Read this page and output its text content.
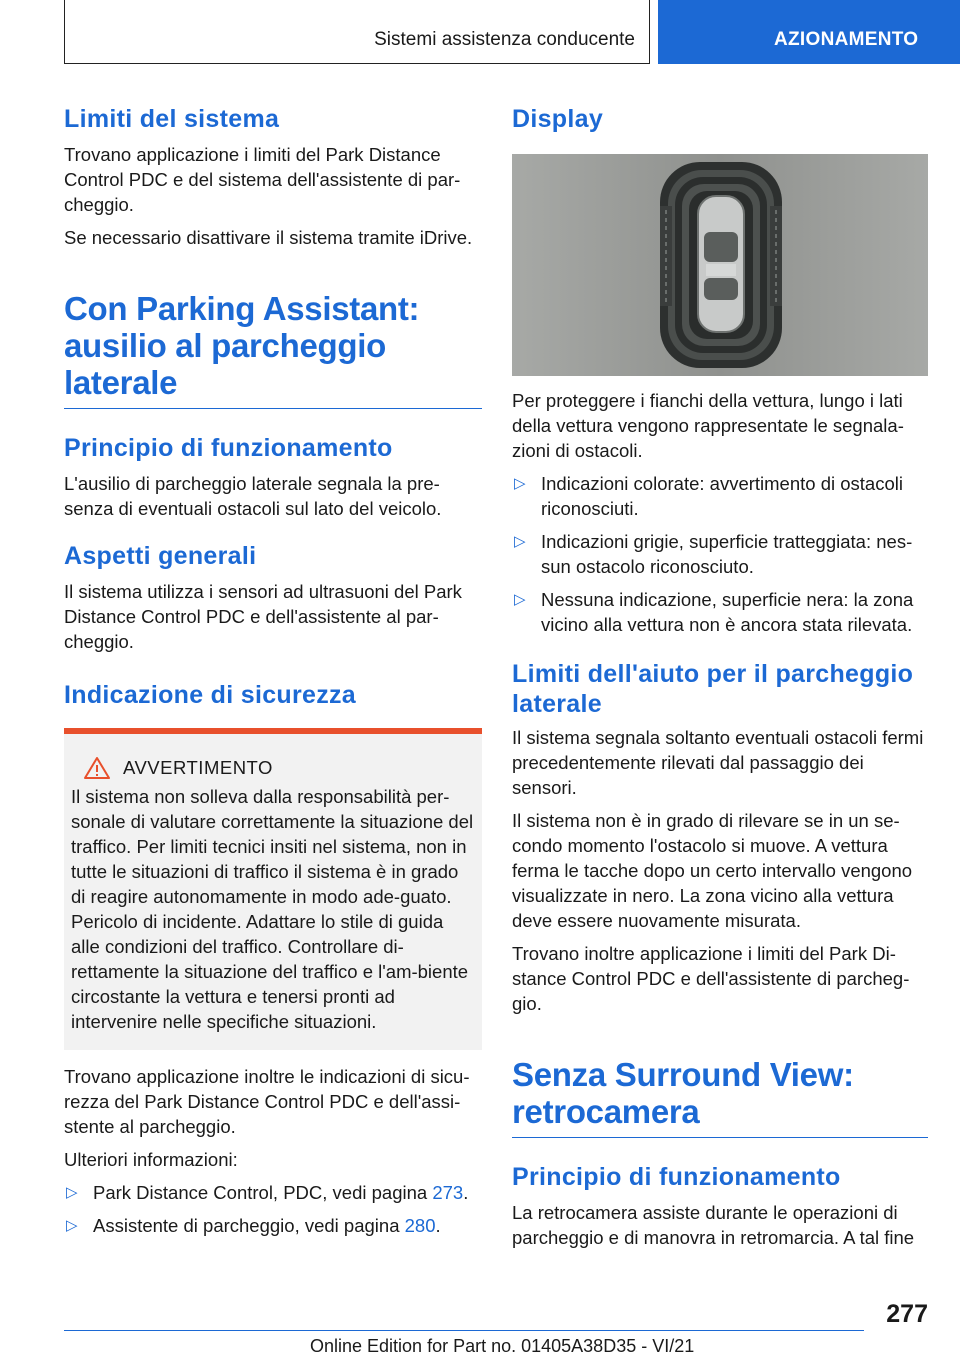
Sistemi assistenza conducente	AZIONAMENTO
Limiti del sistema

Trovano applicazione i limiti del Park Distance Control PDC e del sistema dell'assistente di par-cheggio.

Se necessario disattivare il sistema tramite iDrive.

Con Parking Assistant: ausilio al parcheggio laterale
Principio di funzionamento

L'ausilio di parcheggio laterale segnala la pre-senza di eventuali ostacoli sul lato del veicolo.

Aspetti generali

Il sistema utilizza i sensori ad ultrasuoni del Park Distance Control PDC e dell'assistente al par-cheggio.

Indicazione di sicurezza
AVVERTIMENTO

Il sistema non solleva dalla responsabilità per-sonale di valutare correttamente la situazione del traffico. Per limiti tecnici insiti nel sistema, non in tutte le situazioni di traffico il sistema è in grado di reagire autonomamente in modo ade-guato. Pericolo di incidente. Adattare lo stile di guida alle condizioni del traffico. Controllare di-rettamente la situazione del traffico e l'am-biente circostante la vettura e tenersi pronti ad intervenire nelle specifiche situazioni.

Trovano applicazione inoltre le indicazioni di sicu-rezza del Park Distance Control PDC e dell'assi-stente al parcheggio.

Ulteriori informazioni:

▷ Park Distance Control, PDC, vedi pagina 273.
▷ Assistente di parcheggio, vedi pagina 280.
Display

Per proteggere i fianchi della vettura, lungo i lati della vettura vengono rappresentate le segnala-zioni di ostacoli.

▷ Indicazioni colorate: avvertimento di ostacoli riconosciuti.
▷ Indicazioni grigie, superficie tratteggiata: nes-sun ostacolo riconosciuto.
▷ Nessuna indicazione, superficie nera: la zona vicino alla vettura non è ancora stata rilevata.
Limiti dell'aiuto per il parcheggio laterale

Il sistema segnala soltanto eventuali ostacoli fermi precedentemente rilevati dal passaggio dei sensori.

Il sistema non è in grado di rilevare se in un se-condo momento l'ostacolo si muove. A vettura ferma le tacche dopo un certo intervallo vengono visualizzate in nero. La zona vicino alla vettura deve essere nuovamente misurata.

Trovano inoltre applicazione i limiti del Park Di-stance Control PDC e dell'assistente di parcheg-gio.

Senza Surround View: retrocamera
Principio di funzionamento

La retrocamera assiste durante le operazioni di parcheggio e di manovra in retromarcia. A tal fine

277
Online Edition for Part no. 01405A38D35 - VI/21
